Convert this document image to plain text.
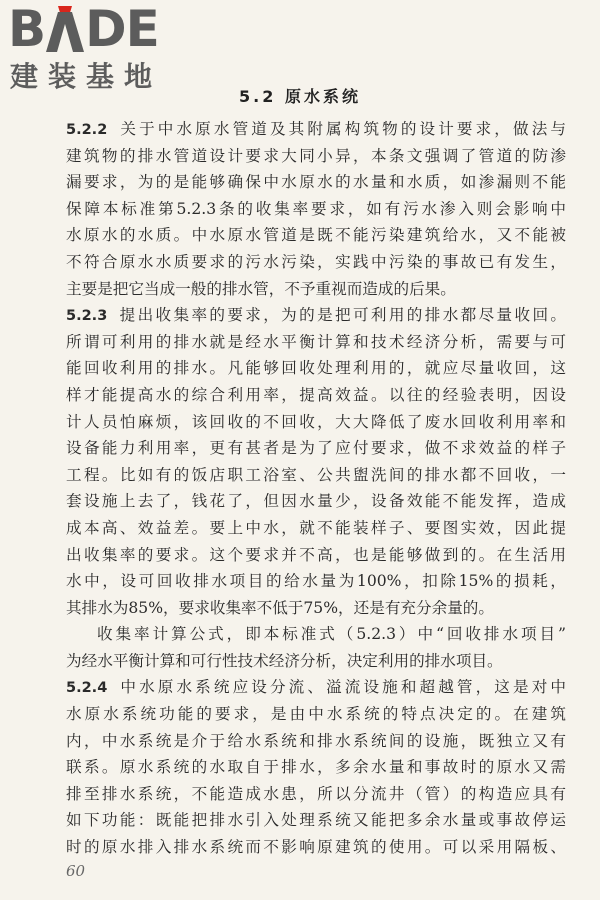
B D E
建装基地
5.2 原水系统
5.2.2 关于中水原水管道及其附属构筑物的设计要求，做法与
建筑物的排水管道设计要求大同小异，本条文强调了管道的防渗
漏要求，为的是能够确保中水原水的水量和水质，如渗漏则不能
保障本标准第5.2.3条的收集率要求，如有污水渗入则会影响中
水原水的水质。中水原水管道是既不能污染建筑给水，又不能被
不符合原水水质要求的污水污染，实践中污染的事故已有发生，
主要是把它当成一般的排水管，不予重视而造成的后果。
5.2.3 提出收集率的要求，为的是把可利用的排水都尽量收回。
所谓可利用的排水就是经水平衡计算和技术经济分析，需要与可
能回收利用的排水。凡能够回收处理利用的，就应尽量收回，这
样才能提高水的综合利用率，提高效益。以往的经验表明，因设
计人员怕麻烦，该回收的不回收，大大降低了废水回收利用率和
设备能力利用率，更有甚者是为了应付要求，做不求效益的样子
工程。比如有的饭店职工浴室、公共盥洗间的排水都不回收，一
套设施上去了，钱花了，但因水量少，设备效能不能发挥，造成
成本高、效益差。要上中水，就不能装样子、要图实效，因此提
出收集率的要求。这个要求并不高，也是能够做到的。在生活用
水中，设可回收排水项目的给水量为100%，扣除15%的损耗，
其排水为85%，要求收集率不低于75%，还是有充分余量的。
收集率计算公式，即本标准式（5.2.3）中“回收排水项目”
为经水平衡计算和可行性技术经济分析，决定利用的排水项目。
5.2.4 中水原水系统应设分流、溢流设施和超越管，这是对中
水原水系统功能的要求，是由中水系统的特点决定的。在建筑
内，中水系统是介于给水系统和排水系统间的设施，既独立又有
联系。原水系统的水取自于排水，多余水量和事故时的原水又需
排至排水系统，不能造成水患，所以分流井（管）的构造应具有
如下功能：既能把排水引入处理系统又能把多余水量或事故停运
时的原水排入排水系统而不影响原建筑的使用。可以采用隔板、
60
